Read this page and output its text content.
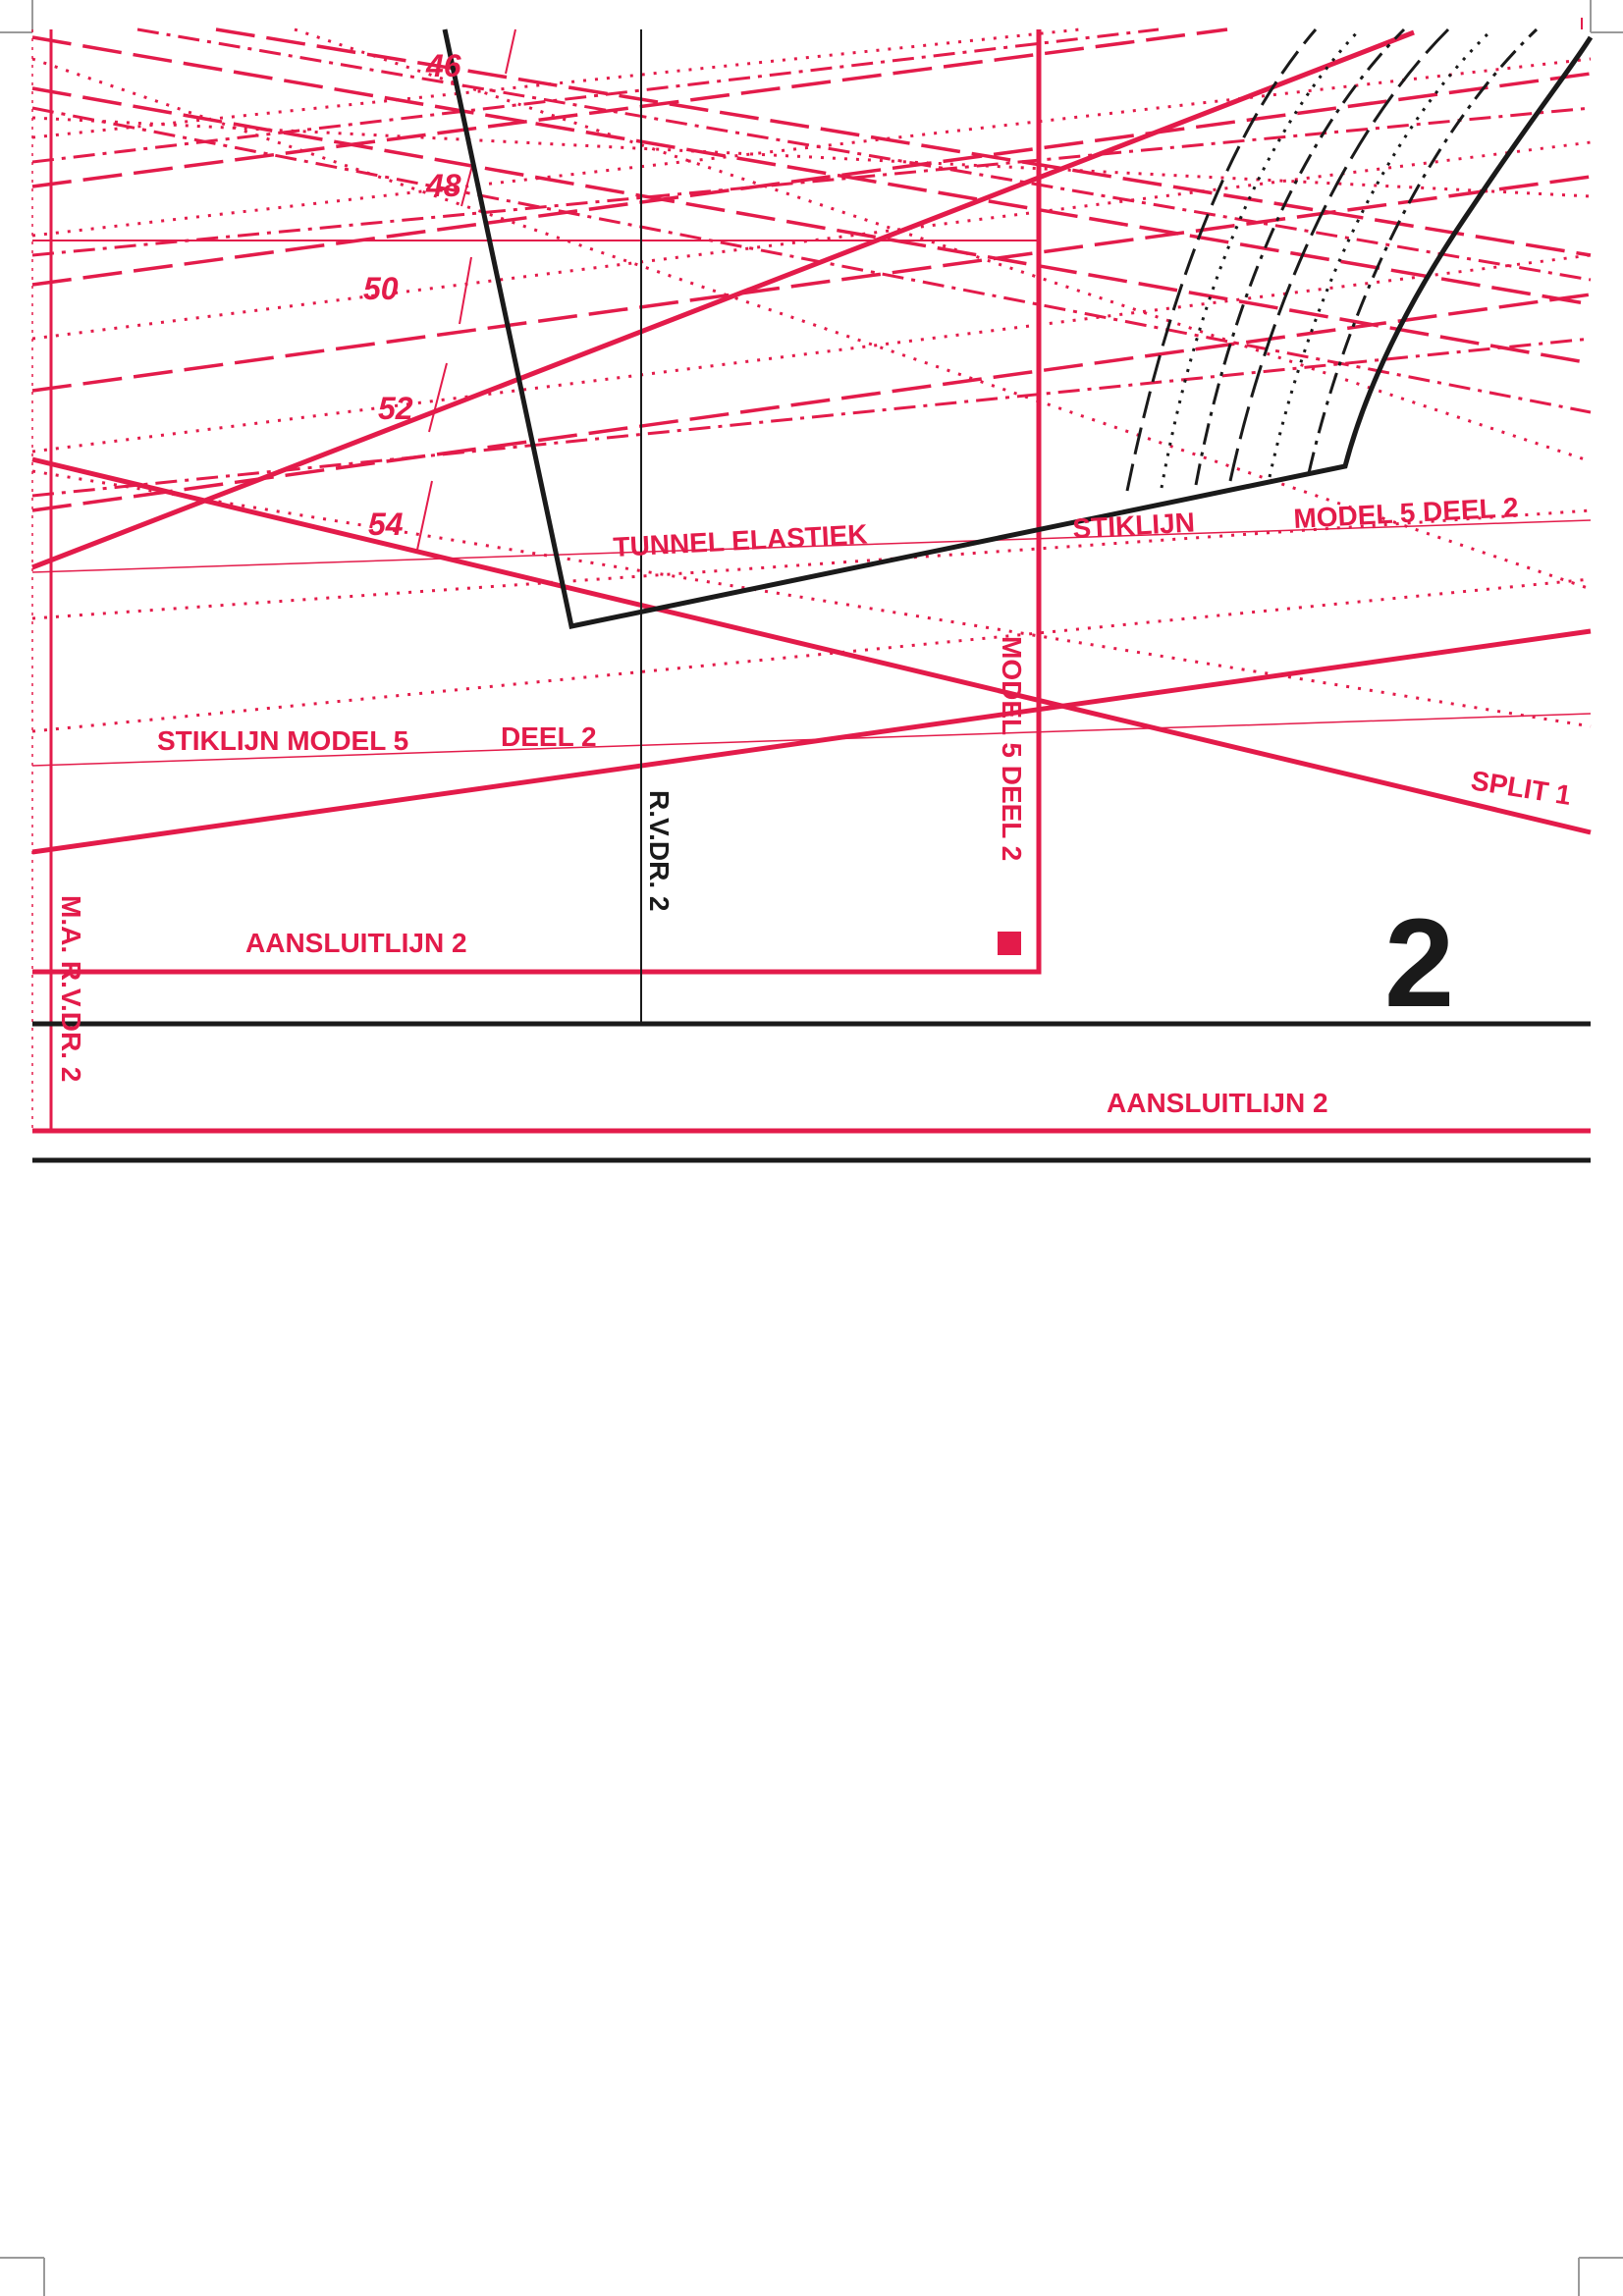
46
48
50
52
54	TUNNEL ELASTIEK	STIKLIJN	MODEL 5 DEEL 2
STIKLIJN MODEL 5	DEEL 2
SPLIT 1
AANSLUITLIJN 2
AANSLUITLIJN 2
MODEL 5 DEEL 2
M.A. R.V.DR. 2
R.V.DR. 2
2
